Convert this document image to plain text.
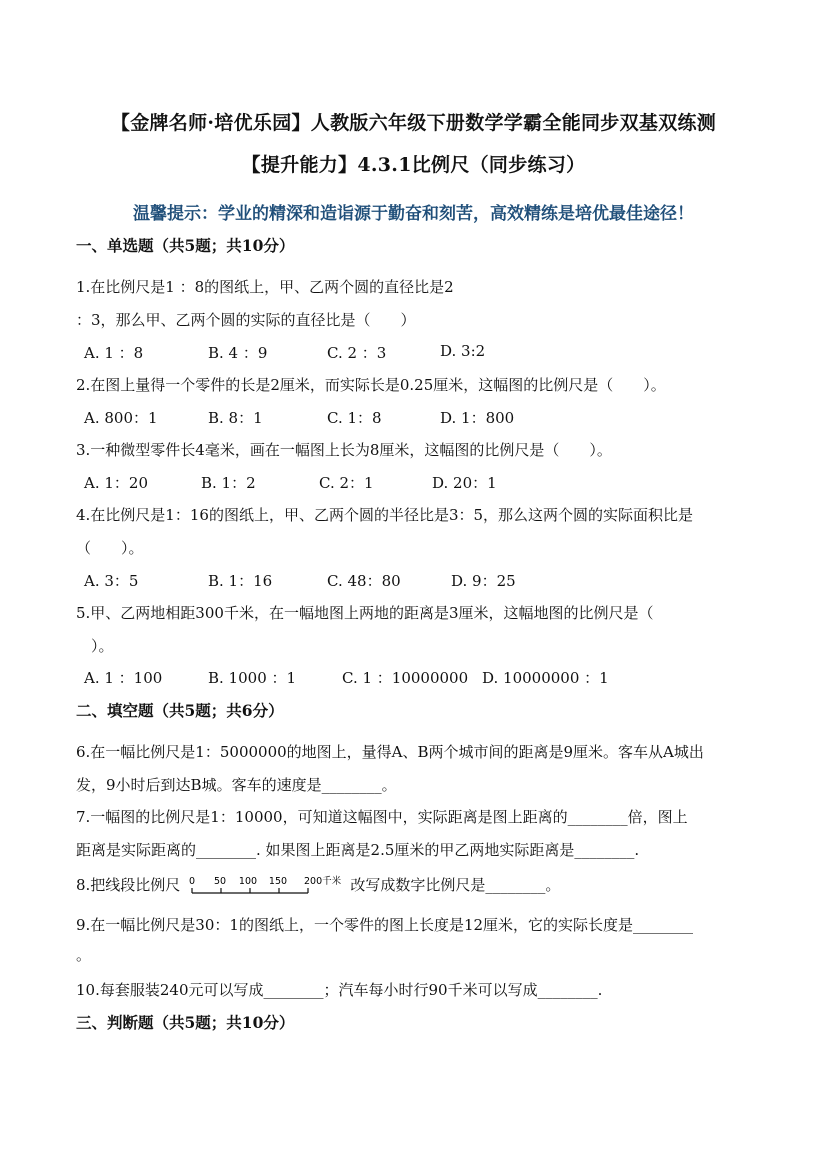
【金牌名师·培优乐园】人教版六年级下册数学学霸全能同步双基双练测
【提升能力】4.3.1比例尺（同步练习）
温馨提示：学业的精深和造诣源于勤奋和刻苦，高效精练是培优最佳途径！
一、单选题（共5题；共10分）
1.在比例尺是1 ：8的图纸上，甲、乙两个圆的直径比是2
：3，那么甲、乙两个圆的实际的直径比是（　　）
A. 1 ：8	B. 4 ：9	C. 2 ：3	D. 3:2
2.在图上量得一个零件的长是2厘米，而实际长是0.25厘米，这幅图的比例尺是（　　）。
A. 800：1	B. 8：1	C. 1：8	D. 1：800
3.一种微型零件长4毫米，画在一幅图上长为8厘米，这幅图的比例尺是（　　）。
A. 1：20	B. 1：2	C. 2：1	D. 20：1
4.在比例尺是1：16的图纸上，甲、乙两个圆的半径比是3：5，那么这两个圆的实际面积比是
（　　）。
A. 3：5	B. 1：16	C. 48：80	D. 9：25
5.甲、乙两地相距300千米，在一幅地图上两地的距离是3厘米，这幅地图的比例尺是（
　）。
A. 1 ：100	B. 1000 ：1	C. 1 ：10000000 D. 10000000 ：1
二、填空题（共5题；共6分）
6.在一幅比例尺是1：5000000的地图上，量得A、B两个城市间的距离是9厘米。客车从A城出
发，9小时后到达B城。客车的速度是________。
7.一幅图的比例尺是1：10000，可知道这幅图中，实际距离是图上距离的________倍，图上
距离是实际距离的________. 如果图上距离是2.5厘米的甲乙两地实际距离是________.
8.把线段比例尺 0 50 100 150 200千米 改写成数字比例尺是________。
9.在一幅比例尺是30：1的图纸上，一个零件的图上长度是12厘米，它的实际长度是________
。
10.每套服装240元可以写成________；汽车每小时行90千米可以写成________.
三、判断题（共5题；共10分）
